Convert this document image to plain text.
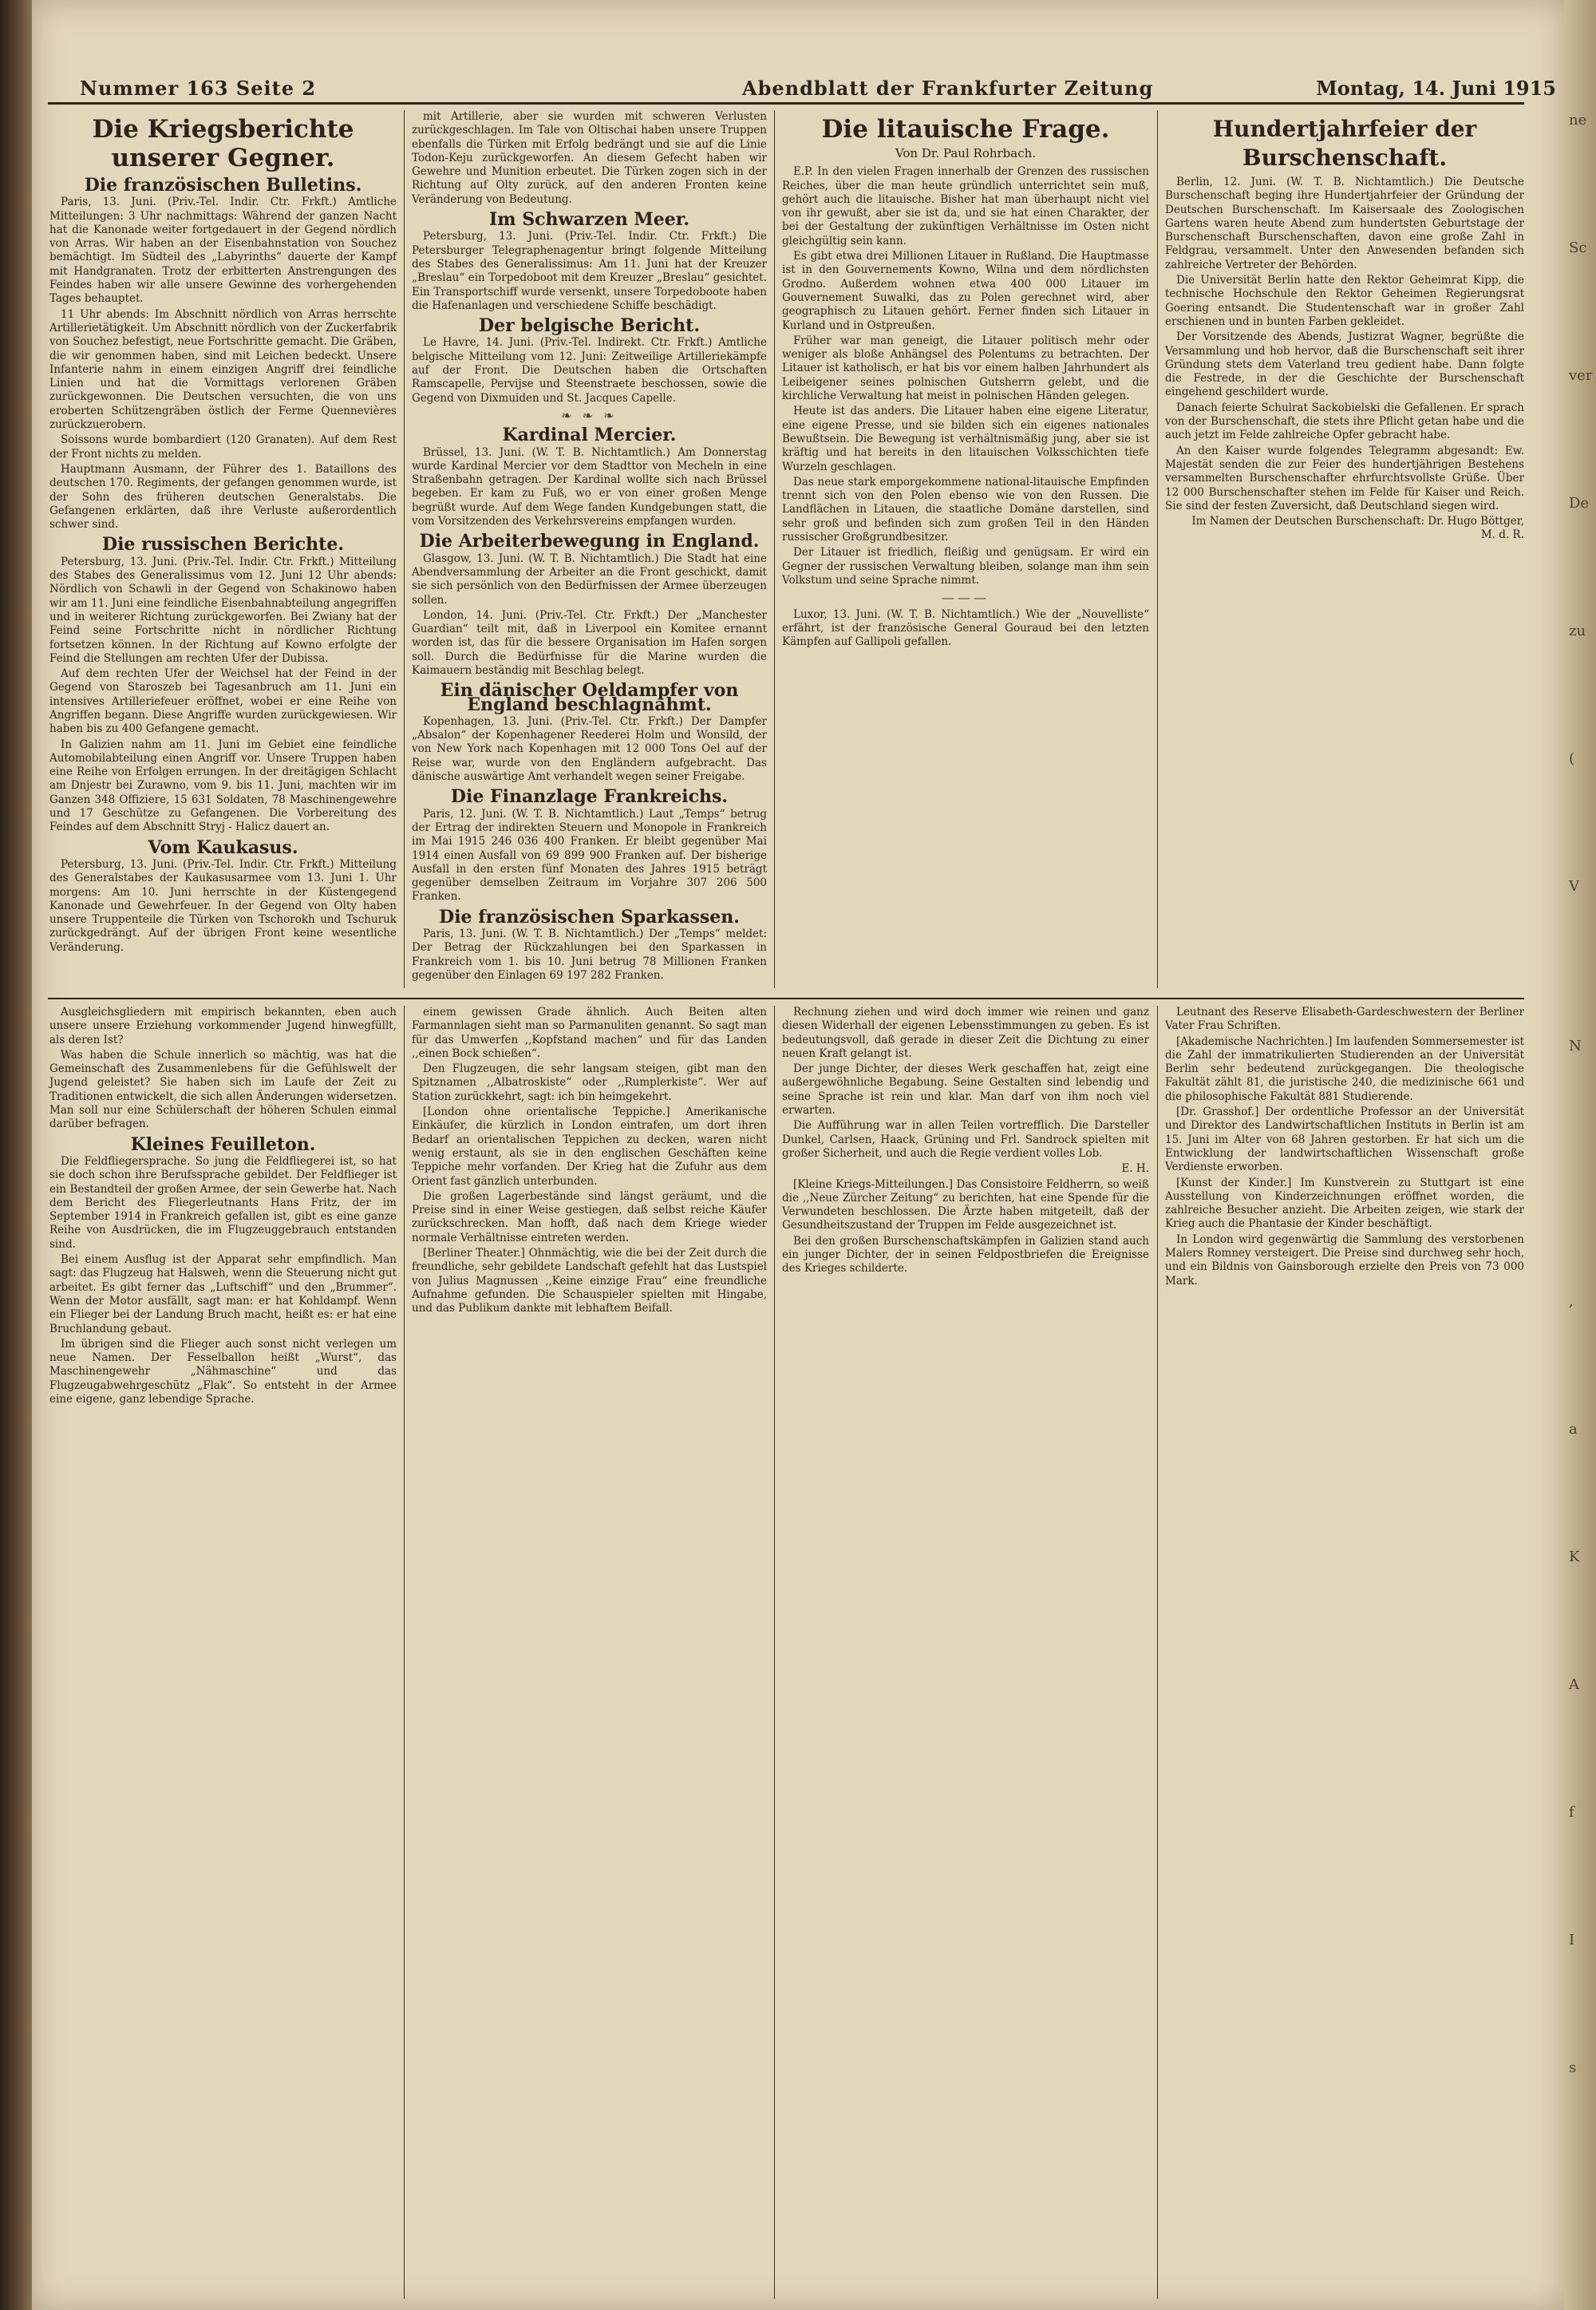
Nummer 163 Seite 2	Abendblatt der Frankfurter Zeitung	Montag, 14. Juni 1915
Die Kriegsberichte unserer Gegner.
Die französischen Bulletins.

Paris, 13. Juni. (Priv.-Tel. Indir. Ctr. Frkft.) Amtliche Mitteilungen: 3 Uhr nachmittags: Während der ganzen Nacht hat die Kanonade weiter fortgedauert in der Gegend nördlich von Arras. Wir haben an der Eisenbahnstation von Souchez bemächtigt. Im Südteil des „Labyrinths“ dauerte der Kampf mit Handgranaten. Trotz der erbitterten Anstrengungen des Feindes haben wir alle unsere Gewinne des vorhergehenden Tages behauptet.

11 Uhr abends: Im Abschnitt nördlich von Arras herrschte Artillerietätigkeit. Um Abschnitt nördlich von der Zuckerfabrik von Souchez befestigt, neue Fortschritte gemacht. Die Gräben, die wir genommen haben, sind mit Leichen bedeckt. Unsere Infanterie nahm in einem einzigen Angriff drei feindliche Linien und hat die Vormittags verlorenen Gräben zurückgewonnen. Die Deutschen versuchten, die von uns eroberten Schützengräben östlich der Ferme Quennevières zurückzuerobern.

Soissons wurde bombardiert (120 Granaten). Auf dem Rest der Front nichts zu melden.

Hauptmann Ausmann, der Führer des 1. Bataillons des deutschen 170. Regiments, der gefangen genommen wurde, ist der Sohn des früheren deutschen Generalstabs. Die Gefangenen erklärten, daß ihre Verluste außerordentlich schwer sind.

Die russischen Berichte.

Petersburg, 13. Juni. (Priv.-Tel. Indir. Ctr. Frkft.) Mitteilung des Stabes des Generalissimus vom 12. Juni 12 Uhr abends: Nördlich von Schawli in der Gegend von Schakinowo haben wir am 11. Juni eine feindliche Eisenbahnabteilung angegriffen und in weiterer Richtung zurückgeworfen. Bei Zwiany hat der Feind seine Fortschritte nicht in nördlicher Richtung fortsetzen können. In der Richtung auf Kowno erfolgte der Feind die Stellungen am rechten Ufer der Dubissa.

Auf dem rechten Ufer der Weichsel hat der Feind in der Gegend von Staroszeb bei Tagesanbruch am 11. Juni ein intensives Artilleriefeuer eröffnet, wobei er eine Reihe von Angriffen begann. Diese Angriffe wurden zurückgewiesen. Wir haben bis zu 400 Gefangene gemacht.

In Galizien nahm am 11. Juni im Gebiet eine feindliche Automobilabteilung einen Angriff vor. Unsere Truppen haben eine Reihe von Erfolgen errungen. In der dreitägigen Schlacht am Dnjestr bei Zurawno, vom 9. bis 11. Juni, machten wir im Ganzen 348 Offiziere, 15 631 Soldaten, 78 Maschinengewehre und 17 Geschütze zu Gefangenen. Die Vorbereitung des Feindes auf dem Abschnitt Stryj - Halicz dauert an.

Vom Kaukasus.

Petersburg, 13. Juni. (Priv.-Tel. Indir. Ctr. Frkft.) Mitteilung des Generalstabes der Kaukasusarmee vom 13. Juni 1. Uhr morgens: Am 10. Juni herrschte in der Küstengegend Kanonade und Gewehrfeuer. In der Gegend von Olty haben unsere Truppenteile die Türken von Tschorokh und Tschuruk zurückgedrängt. Auf der übrigen Front keine wesentliche Veränderung.

mit Artillerie, aber sie wurden mit schweren Verlusten zurückgeschlagen. Im Tale von Oltischai haben unsere Truppen ebenfalls die Türken mit Erfolg bedrängt und sie auf die Linie Todon-Keju zurückgeworfen. An diesem Gefecht haben wir Gewehre und Munition erbeutet. Die Türken zogen sich in der Richtung auf Olty zurück, auf den anderen Fronten keine Veränderung von Bedeutung.

Im Schwarzen Meer.

Petersburg, 13. Juni. (Priv.-Tel. Indir. Ctr. Frkft.) Die Petersburger Telegraphenagentur bringt folgende Mitteilung des Stabes des Generalissimus: Am 11. Juni hat der Kreuzer „Breslau“ ein Torpedoboot mit dem Kreuzer „Breslau“ gesichtet. Ein Transportschiff wurde versenkt, unsere Torpedoboote haben die Hafenanlagen und verschiedene Schiffe beschädigt.

Der belgische Bericht.

Le Havre, 14. Juni. (Priv.-Tel. Indirekt. Ctr. Frkft.) Amtliche belgische Mitteilung vom 12. Juni: Zeitweilige Artilleriekämpfe auf der Front. Die Deutschen haben die Ortschaften Ramscapelle, Pervijse und Steenstraete beschossen, sowie die Gegend von Dixmuiden und St. Jacques Capelle.

❧ ❧ ❧
Kardinal Mercier.

Brüssel, 13. Juni. (W. T. B. Nichtamtlich.) Am Donnerstag wurde Kardinal Mercier vor dem Stadttor von Mecheln in eine Straßenbahn getragen. Der Kardinal wollte sich nach Brüssel begeben. Er kam zu Fuß, wo er von einer großen Menge begrüßt wurde. Auf dem Wege fanden Kundgebungen statt, die vom Vorsitzenden des Verkehrsvereins empfangen wurden.

Die Arbeiterbewegung in England.

Glasgow, 13. Juni. (W. T. B. Nichtamtlich.) Die Stadt hat eine Abendversammlung der Arbeiter an die Front geschickt, damit sie sich persönlich von den Bedürfnissen der Armee überzeugen sollen.

London, 14. Juni. (Priv.-Tel. Ctr. Frkft.) Der „Manchester Guardian“ teilt mit, daß in Liverpool ein Komitee ernannt worden ist, das für die bessere Organisation im Hafen sorgen soll. Durch die Bedürfnisse für die Marine wurden die Kaimauern beständig mit Beschlag belegt.

Ein dänischer Oeldampfer von England beschlagnahmt.

Kopenhagen, 13. Juni. (Priv.-Tel. Ctr. Frkft.) Der Dampfer „Absalon“ der Kopenhagener Reederei Holm und Wonsild, der von New York nach Kopenhagen mit 12 000 Tons Oel auf der Reise war, wurde von den Engländern aufgebracht. Das dänische auswärtige Amt verhandelt wegen seiner Freigabe.

Die Finanzlage Frankreichs.

Paris, 12. Juni. (W. T. B. Nichtamtlich.) Laut „Temps“ betrug der Ertrag der indirekten Steuern und Monopole in Frankreich im Mai 1915 246 036 400 Franken. Er bleibt gegenüber Mai 1914 einen Ausfall von 69 899 900 Franken auf. Der bisherige Ausfall in den ersten fünf Monaten des Jahres 1915 beträgt gegenüber demselben Zeitraum im Vorjahre 307 206 500 Franken.

Die französischen Sparkassen.

Paris, 13. Juni. (W. T. B. Nichtamtlich.) Der „Temps“ meldet: Der Betrag der Rückzahlungen bei den Sparkassen in Frankreich vom 1. bis 10. Juni betrug 78 Millionen Franken gegenüber den Einlagen 69 197 282 Franken.

Die litauische Frage.
Von Dr. Paul Rohrbach.

E.P. In den vielen Fragen innerhalb der Grenzen des russischen Reiches, über die man heute gründlich unterrichtet sein muß, gehört auch die litauische. Bisher hat man überhaupt nicht viel von ihr gewußt, aber sie ist da, und sie hat einen Charakter, der bei der Gestaltung der zukünftigen Verhältnisse im Osten nicht gleichgültig sein kann.

Es gibt etwa drei Millionen Litauer in Rußland. Die Hauptmasse ist in den Gouvernements Kowno, Wilna und dem nördlichsten Grodno. Außerdem wohnen etwa 400 000 Litauer im Gouvernement Suwalki, das zu Polen gerechnet wird, aber geographisch zu Litauen gehört. Ferner finden sich Litauer in Kurland und in Ostpreußen.

Früher war man geneigt, die Litauer politisch mehr oder weniger als bloße Anhängsel des Polentums zu betrachten. Der Litauer ist katholisch, er hat bis vor einem halben Jahrhundert als Leibeigener seines polnischen Gutsherrn gelebt, und die kirchliche Verwaltung hat meist in polnischen Händen gelegen.

Heute ist das anders. Die Litauer haben eine eigene Literatur, eine eigene Presse, und sie bilden sich ein eigenes nationales Bewußtsein. Die Bewegung ist verhältnismäßig jung, aber sie ist kräftig und hat bereits in den litauischen Volksschichten tiefe Wurzeln geschlagen.

Das neue stark emporgekommene national-litauische Empfinden trennt sich von den Polen ebenso wie von den Russen. Die Landflächen in Litauen, die staatliche Domäne darstellen, sind sehr groß und befinden sich zum großen Teil in den Händen russischer Großgrundbesitzer.

Der Litauer ist friedlich, fleißig und genügsam. Er wird ein Gegner der russischen Verwaltung bleiben, solange man ihm sein Volkstum und seine Sprache nimmt.

———

Luxor, 13. Juni. (W. T. B. Nichtamtlich.) Wie der „Nouvelliste“ erfährt, ist der französische General Gouraud bei den letzten Kämpfen auf Gallipoli gefallen.

Hundertjahrfeier der Burschenschaft.

Berlin, 12. Juni. (W. T. B. Nichtamtlich.) Die Deutsche Burschenschaft beging ihre Hundertjahrfeier der Gründung der Deutschen Burschenschaft. Im Kaisersaale des Zoologischen Gartens waren heute Abend zum hundertsten Geburtstage der Burschenschaft Burschenschaften, davon eine große Zahl in Feldgrau, versammelt. Unter den Anwesenden befanden sich zahlreiche Vertreter der Behörden.

Die Universität Berlin hatte den Rektor Geheimrat Kipp, die technische Hochschule den Rektor Geheimen Regierungsrat Goering entsandt. Die Studentenschaft war in großer Zahl erschienen und in bunten Farben gekleidet.

Der Vorsitzende des Abends, Justizrat Wagner, begrüßte die Versammlung und hob hervor, daß die Burschenschaft seit ihrer Gründung stets dem Vaterland treu gedient habe. Dann folgte die Festrede, in der die Geschichte der Burschenschaft eingehend geschildert wurde.

Danach feierte Schulrat Sackobielski die Gefallenen. Er sprach von der Burschenschaft, die stets ihre Pflicht getan habe und die auch jetzt im Felde zahlreiche Opfer gebracht habe.

An den Kaiser wurde folgendes Telegramm abgesandt: Ew. Majestät senden die zur Feier des hundertjährigen Bestehens versammelten Burschenschafter ehrfurchtsvollste Grüße. Über 12 000 Burschenschafter stehen im Felde für Kaiser und Reich. Sie sind der festen Zuversicht, daß Deutschland siegen wird.

Im Namen der Deutschen Burschenschaft: Dr. Hugo Böttger, M. d. R.

Ausgleichsgliedern mit empirisch bekannten, eben auch unsere unsere Erziehung vorkommender Jugend hinwegfüllt, als deren Ist?

Was haben die Schule innerlich so mächtig, was hat die Gemeinschaft des Zusammenlebens für die Gefühlswelt der Jugend geleistet? Sie haben sich im Laufe der Zeit zu Traditionen entwickelt, die sich allen Änderungen widersetzen. Man soll nur eine Schülerschaft der höheren Schulen einmal darüber befragen.

Kleines Feuilleton.

Die Feldfliegersprache. So jung die Feldfliegerei ist, so hat sie doch schon ihre Berufssprache gebildet. Der Feldflieger ist ein Bestandteil der großen Armee, der sein Gewerbe hat. Nach dem Bericht des Fliegerleutnants Hans Fritz, der im September 1914 in Frankreich gefallen ist, gibt es eine ganze Reihe von Ausdrücken, die im Flugzeuggebrauch entstanden sind.

Bei einem Ausflug ist der Apparat sehr empfindlich. Man sagt: das Flugzeug hat Halsweh, wenn die Steuerung nicht gut arbeitet. Es gibt ferner das „Luftschiff“ und den „Brummer“. Wenn der Motor ausfällt, sagt man: er hat Kohldampf. Wenn ein Flieger bei der Landung Bruch macht, heißt es: er hat eine Bruchlandung gebaut.

Im übrigen sind die Flieger auch sonst nicht verlegen um neue Namen. Der Fesselballon heißt „Wurst“, das Maschinengewehr „Nähmaschine“ und das Flugzeugabwehrgeschütz „Flak“. So entsteht in der Armee eine eigene, ganz lebendige Sprache.

einem gewissen Grade ähnlich. Auch Beiten alten Farmannlagen sieht man so Parmanuliten genannt. So sagt man für das Umwerfen ,,Kopfstand machen“ und für das Landen ,,einen Bock schießen“.

Den Flugzeugen, die sehr langsam steigen, gibt man den Spitznamen ,,Albatroskiste“ oder ,,Rumplerkiste“. Wer auf Station zurückkehrt, sagt: ich bin heimgekehrt.

[London ohne orientalische Teppiche.] Amerikanische Einkäufer, die kürzlich in London eintrafen, um dort ihren Bedarf an orientalischen Teppichen zu decken, waren nicht wenig erstaunt, als sie in den englischen Geschäften keine Teppiche mehr vorfanden. Der Krieg hat die Zufuhr aus dem Orient fast gänzlich unterbunden.

Die großen Lagerbestände sind längst geräumt, und die Preise sind in einer Weise gestiegen, daß selbst reiche Käufer zurückschrecken. Man hofft, daß nach dem Kriege wieder normale Verhältnisse eintreten werden.

[Berliner Theater.] Ohnmächtig, wie die bei der Zeit durch die freundliche, sehr gebildete Landschaft gefehlt hat das Lustspiel von Julius Magnussen ,,Keine einzige Frau“ eine freundliche Aufnahme gefunden. Die Schauspieler spielten mit Hingabe, und das Publikum dankte mit lebhaftem Beifall.

Rechnung ziehen und wird doch immer wie reinen und ganz diesen Widerhall der eigenen Lebensstimmungen zu geben. Es ist bedeutungsvoll, daß gerade in dieser Zeit die Dichtung zu einer neuen Kraft gelangt ist.

Der junge Dichter, der dieses Werk geschaffen hat, zeigt eine außergewöhnliche Begabung. Seine Gestalten sind lebendig und seine Sprache ist rein und klar. Man darf von ihm noch viel erwarten.

Die Aufführung war in allen Teilen vortrefflich. Die Darsteller Dunkel, Carlsen, Haack, Grüning und Frl. Sandrock spielten mit großer Sicherheit, und auch die Regie verdient volles Lob.

E. H.

[Kleine Kriegs-Mitteilungen.] Das Consistoire Feldherrn, so weiß die ,,Neue Zürcher Zeitung“ zu berichten, hat eine Spende für die Verwundeten beschlossen. Die Ärzte haben mitgeteilt, daß der Gesundheitszustand der Truppen im Felde ausgezeichnet ist.

Bei den großen Burschenschaftskämpfen in Galizien stand auch ein junger Dichter, der in seinen Feldpostbriefen die Ereignisse des Krieges schilderte.

Leutnant des Reserve Elisabeth-Gardeschwestern der Berliner Vater Frau Schriften.

[Akademische Nachrichten.] Im laufenden Sommersemester ist die Zahl der immatrikulierten Studierenden an der Universität Berlin sehr bedeutend zurückgegangen. Die theologische Fakultät zählt 81, die juristische 240, die medizinische 661 und die philosophische Fakultät 881 Studierende.

[Dr. Grasshof.] Der ordentliche Professor an der Universität und Direktor des Landwirtschaftlichen Instituts in Berlin ist am 15. Juni im Alter von 68 Jahren gestorben. Er hat sich um die Entwicklung der landwirtschaftlichen Wissenschaft große Verdienste erworben.

[Kunst der Kinder.] Im Kunstverein zu Stuttgart ist eine Ausstellung von Kinderzeichnungen eröffnet worden, die zahlreiche Besucher anzieht. Die Arbeiten zeigen, wie stark der Krieg auch die Phantasie der Kinder beschäftigt.

In London wird gegenwärtig die Sammlung des verstorbenen Malers Romney versteigert. Die Preise sind durchweg sehr hoch, und ein Bildnis von Gainsborough erzielte den Preis von 73 000 Mark.

ne
Sc
ver
De
zu
(
V
N
,
a
K
A
f
I
s
